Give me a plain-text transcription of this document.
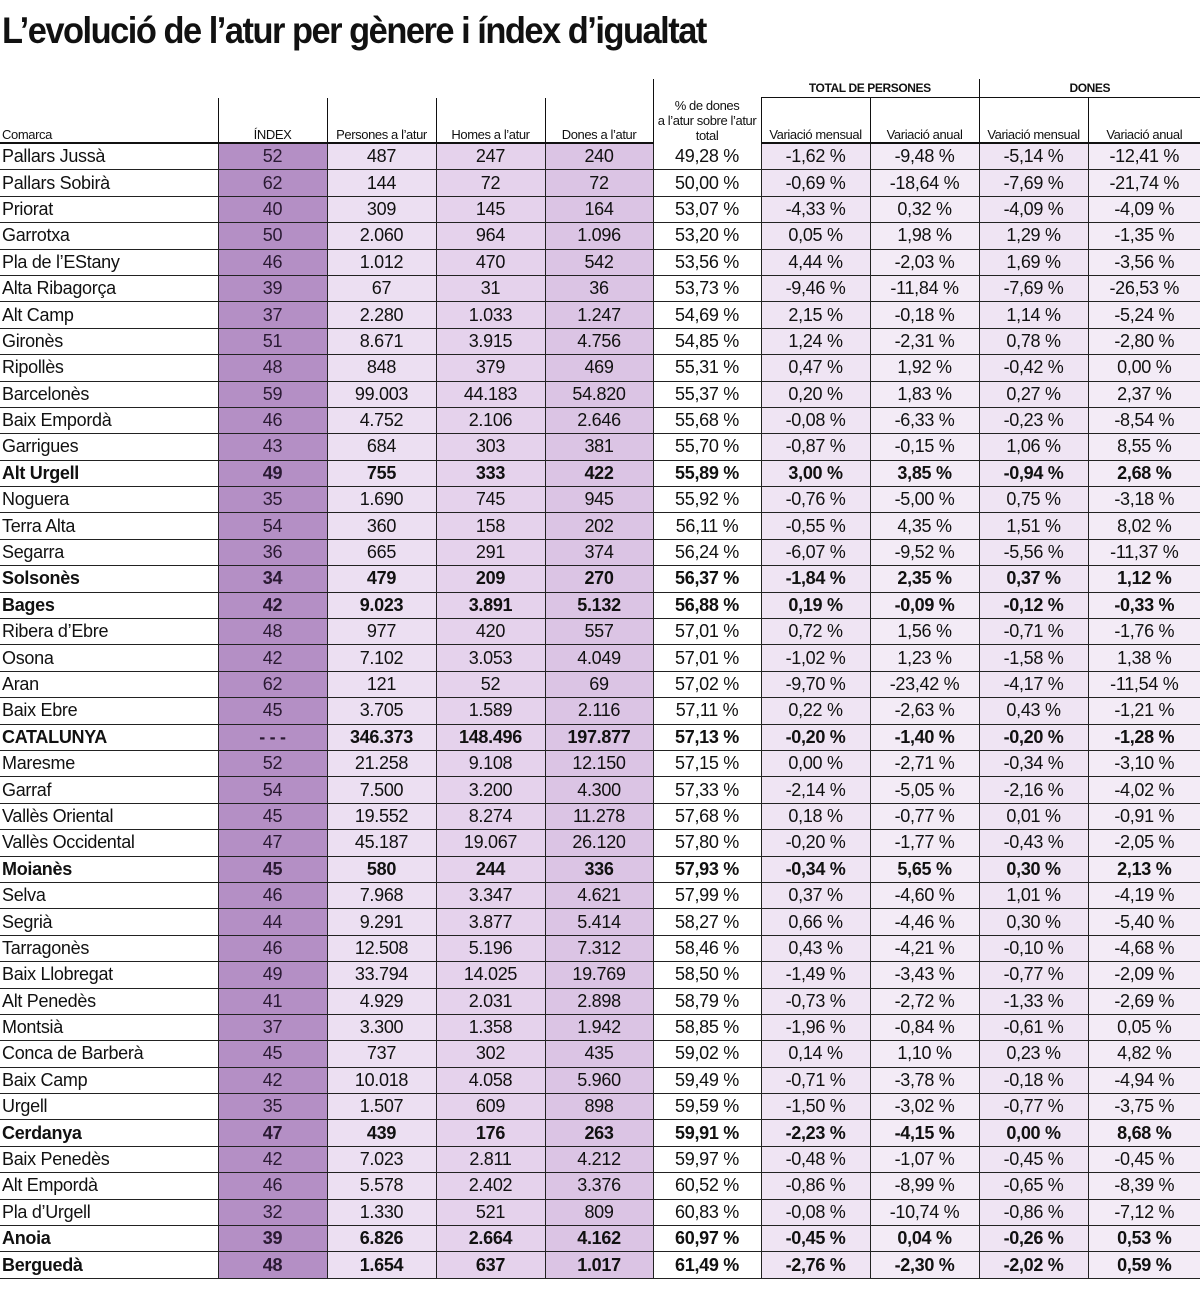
L’evolució de l’atur per gènere i índex d’igualtat
					% de dones
a l’atur sobre l’atur total	TOTAL DE PERSONES		DONES	
Comarca	ÍNDEX	Persones a l’atur	Homes a l’atur	Dones a l’atur		Variació mensual	Variació anual	Variació mensual	Variació anual
Pallars Jussà	52	487	247	240	49,28 %	-1,62 %	-9,48 %	-5,14 %	-12,41 %
Pallars Sobirà	62	144	72	72	50,00 %	-0,69 %	-18,64 %	-7,69 %	-21,74 %
Priorat	40	309	145	164	53,07 %	-4,33 %	0,32 %	-4,09 %	-4,09 %
Garrotxa	50	2.060	964	1.096	53,20 %	0,05 %	1,98 %	1,29 %	-1,35 %
Pla de l’EStany	46	1.012	470	542	53,56 %	4,44 %	-2,03 %	1,69 %	-3,56 %
Alta Ribagorça	39	67	31	36	53,73 %	-9,46 %	-11,84 %	-7,69 %	-26,53 %
Alt Camp	37	2.280	1.033	1.247	54,69 %	2,15 %	-0,18 %	1,14 %	-5,24 %
Gironès	51	8.671	3.915	4.756	54,85 %	1,24 %	-2,31 %	0,78 %	-2,80 %
Ripollès	48	848	379	469	55,31 %	0,47 %	1,92 %	-0,42 %	0,00 %
Barcelonès	59	99.003	44.183	54.820	55,37 %	0,20 %	1,83 %	0,27 %	2,37 %
Baix Empordà	46	4.752	2.106	2.646	55,68 %	-0,08 %	-6,33 %	-0,23 %	-8,54 %
Garrigues	43	684	303	381	55,70 %	-0,87 %	-0,15 %	1,06 %	8,55 %
Alt Urgell	49	755	333	422	55,89 %	3,00 %	3,85 %	-0,94 %	2,68 %
Noguera	35	1.690	745	945	55,92 %	-0,76 %	-5,00 %	0,75 %	-3,18 %
Terra Alta	54	360	158	202	56,11 %	-0,55 %	4,35 %	1,51 %	8,02 %
Segarra	36	665	291	374	56,24 %	-6,07 %	-9,52 %	-5,56 %	-11,37 %
Solsonès	34	479	209	270	56,37 %	-1,84 %	2,35 %	0,37 %	1,12 %
Bages	42	9.023	3.891	5.132	56,88 %	0,19 %	-0,09 %	-0,12 %	-0,33 %
Ribera d’Ebre	48	977	420	557	57,01 %	0,72 %	1,56 %	-0,71 %	-1,76 %
Osona	42	7.102	3.053	4.049	57,01 %	-1,02 %	1,23 %	-1,58 %	1,38 %
Aran	62	121	52	69	57,02 %	-9,70 %	-23,42 %	-4,17 %	-11,54 %
Baix Ebre	45	3.705	1.589	2.116	57,11 %	0,22 %	-2,63 %	0,43 %	-1,21 %
CATALUNYA	- - -	346.373	148.496	197.877	57,13 %	-0,20 %	-1,40 %	-0,20 %	-1,28 %
Maresme	52	21.258	9.108	12.150	57,15 %	0,00 %	-2,71 %	-0,34 %	-3,10 %
Garraf	54	7.500	3.200	4.300	57,33 %	-2,14 %	-5,05 %	-2,16 %	-4,02 %
Vallès Oriental	45	19.552	8.274	11.278	57,68 %	0,18 %	-0,77 %	0,01 %	-0,91 %
Vallès Occidental	47	45.187	19.067	26.120	57,80 %	-0,20 %	-1,77 %	-0,43 %	-2,05 %
Moianès	45	580	244	336	57,93 %	-0,34 %	5,65 %	0,30 %	2,13 %
Selva	46	7.968	3.347	4.621	57,99 %	0,37 %	-4,60 %	1,01 %	-4,19 %
Segrià	44	9.291	3.877	5.414	58,27 %	0,66 %	-4,46 %	0,30 %	-5,40 %
Tarragonès	46	12.508	5.196	7.312	58,46 %	0,43 %	-4,21 %	-0,10 %	-4,68 %
Baix Llobregat	49	33.794	14.025	19.769	58,50 %	-1,49 %	-3,43 %	-0,77 %	-2,09 %
Alt Penedès	41	4.929	2.031	2.898	58,79 %	-0,73 %	-2,72 %	-1,33 %	-2,69 %
Montsià	37	3.300	1.358	1.942	58,85 %	-1,96 %	-0,84 %	-0,61 %	0,05 %
Conca de Barberà	45	737	302	435	59,02 %	0,14 %	1,10 %	0,23 %	4,82 %
Baix Camp	42	10.018	4.058	5.960	59,49 %	-0,71 %	-3,78 %	-0,18 %	-4,94 %
Urgell	35	1.507	609	898	59,59 %	-1,50 %	-3,02 %	-0,77 %	-3,75 %
Cerdanya	47	439	176	263	59,91 %	-2,23 %	-4,15 %	0,00 %	8,68 %
Baix Penedès	42	7.023	2.811	4.212	59,97 %	-0,48 %	-1,07 %	-0,45 %	-0,45 %
Alt Empordà	46	5.578	2.402	3.376	60,52 %	-0,86 %	-8,99 %	-0,65 %	-8,39 %
Pla d’Urgell	32	1.330	521	809	60,83 %	-0,08 %	-10,74 %	-0,86 %	-7,12 %
Anoia	39	6.826	2.664	4.162	60,97 %	-0,45 %	0,04 %	-0,26 %	0,53 %
Berguedà	48	1.654	637	1.017	61,49 %	-2,76 %	-2,30 %	-2,02 %	0,59 %
